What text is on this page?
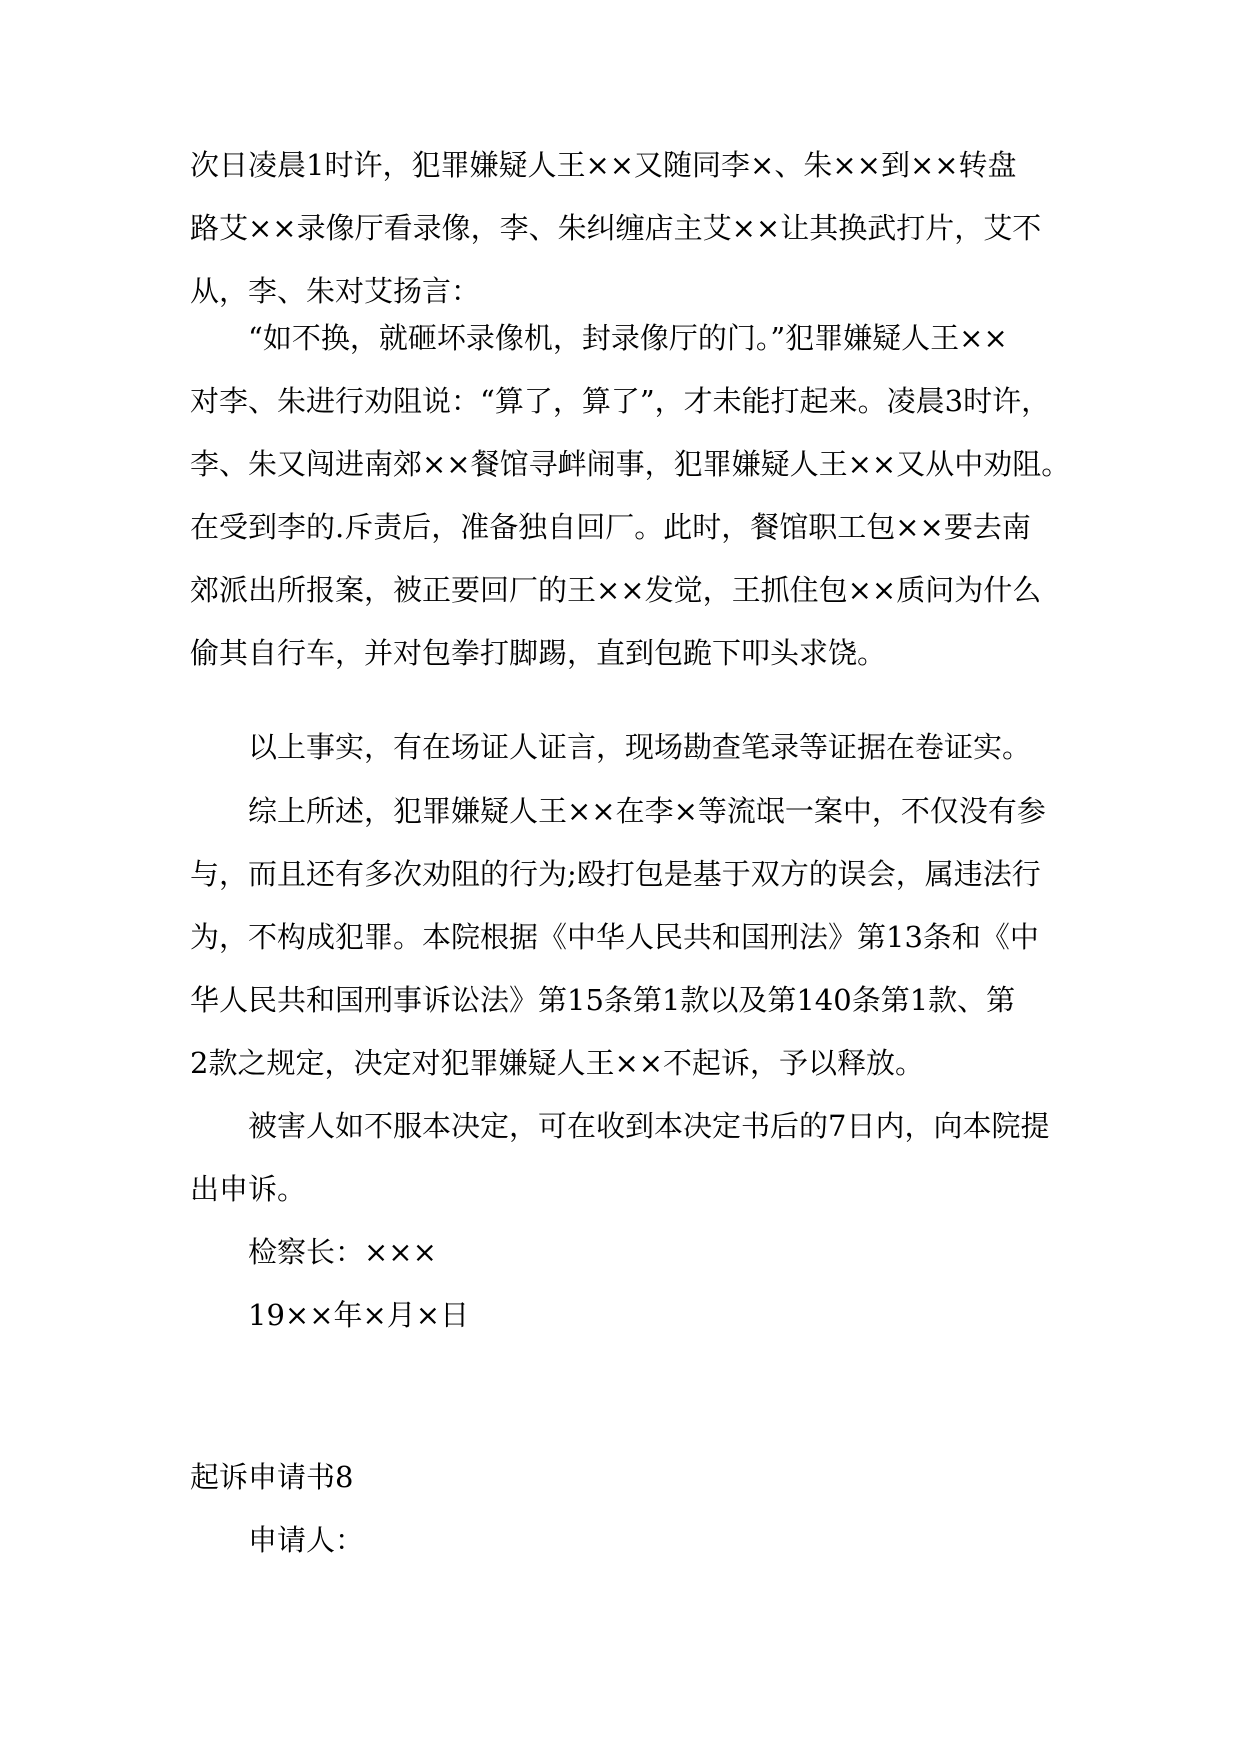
次日凌晨1时许，犯罪嫌疑人王××又随同李×、朱××到××转盘
路艾××录像厅看录像，李、朱纠缠店主艾××让其换武打片，艾不
从，李、朱对艾扬言：
“如不换，就砸坏录像机，封录像厅的门。”犯罪嫌疑人王××
对李、朱进行劝阻说：“算了，算了”，才未能打起来。凌晨3时许，
李、朱又闯进南郊××餐馆寻衅闹事，犯罪嫌疑人王××又从中劝阻。
在受到李的.斥责后，准备独自回厂。此时，餐馆职工包××要去南
郊派出所报案，被正要回厂的王××发觉，王抓住包××质问为什么
偷其自行车，并对包拳打脚踢，直到包跪下叩头求饶。
以上事实，有在场证人证言，现场勘查笔录等证据在卷证实。
综上所述，犯罪嫌疑人王××在李×等流氓一案中，不仅没有参
与，而且还有多次劝阻的行为;殴打包是基于双方的误会，属违法行
为，不构成犯罪。本院根据《中华人民共和国刑法》第13条和《中
华人民共和国刑事诉讼法》第15条第1款以及第140条第1款、第
2款之规定，决定对犯罪嫌疑人王××不起诉，予以释放。
被害人如不服本决定，可在收到本决定书后的7日内，向本院提
出申诉。
检察长：×××
19××年×月×日
起诉申请书8
申请人：
